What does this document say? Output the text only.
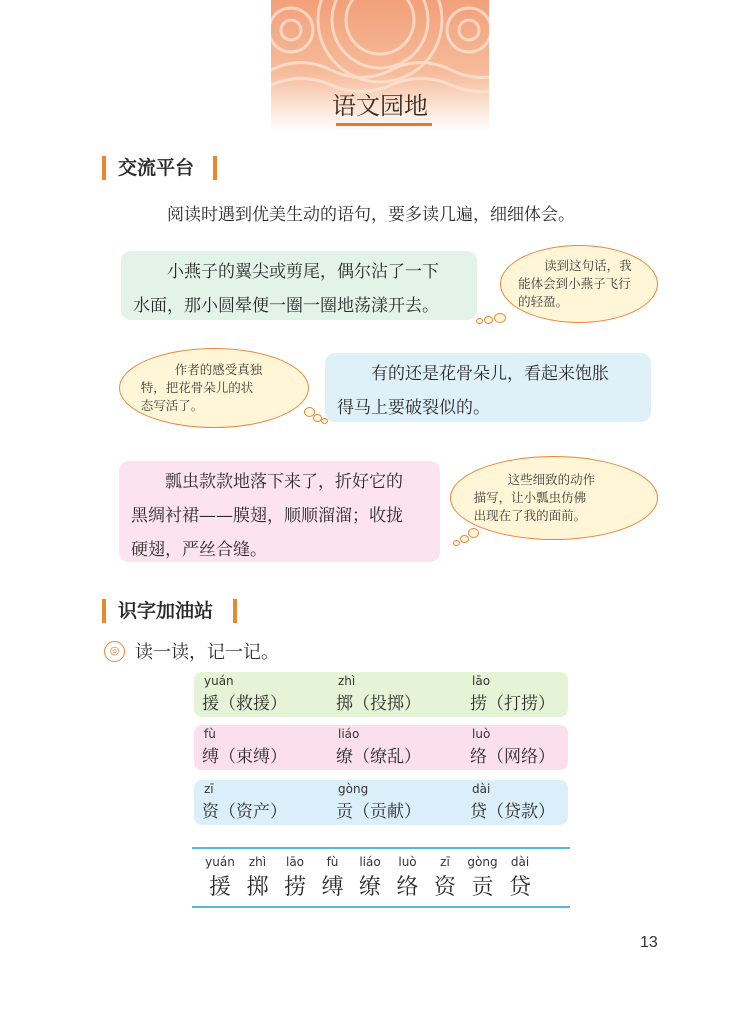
语文园地
交流平台
阅读时遇到优美生动的语句，要多读几遍，细细体会。

小燕子的翼尖或剪尾，偶尔沾了一下

水面，那小圆晕便一圈一圈地荡漾开去。

读到这句话，我

能体会到小燕子飞行

的轻盈。

作者的感受真独

特，把花骨朵儿的状

态写活了。

有的还是花骨朵儿，看起来饱胀

得马上要破裂似的。

瓢虫款款地落下来了，折好它的

黑绸衬裙——膜翅，顺顺溜溜；收拢

硬翅，严丝合缝。

这些细致的动作

描写，让小瓢虫仿佛

出现在了我的面前。

识字加油站
◎ 读一读，记一记。
yuán
援（救援）
zhì
掷（投掷）
lāo
捞（打捞）
fù
缚（束缚）
liáo
缭（缭乱）
luò
络（网络）
zī
资（资产）
gòng
贡（贡献）
dài
贷（贷款）
yuán
援
zhì
掷
lāo
捞
fù
缚
liáo
缭
luò
络
zī
资
gòng
贡
dài
贷
13
